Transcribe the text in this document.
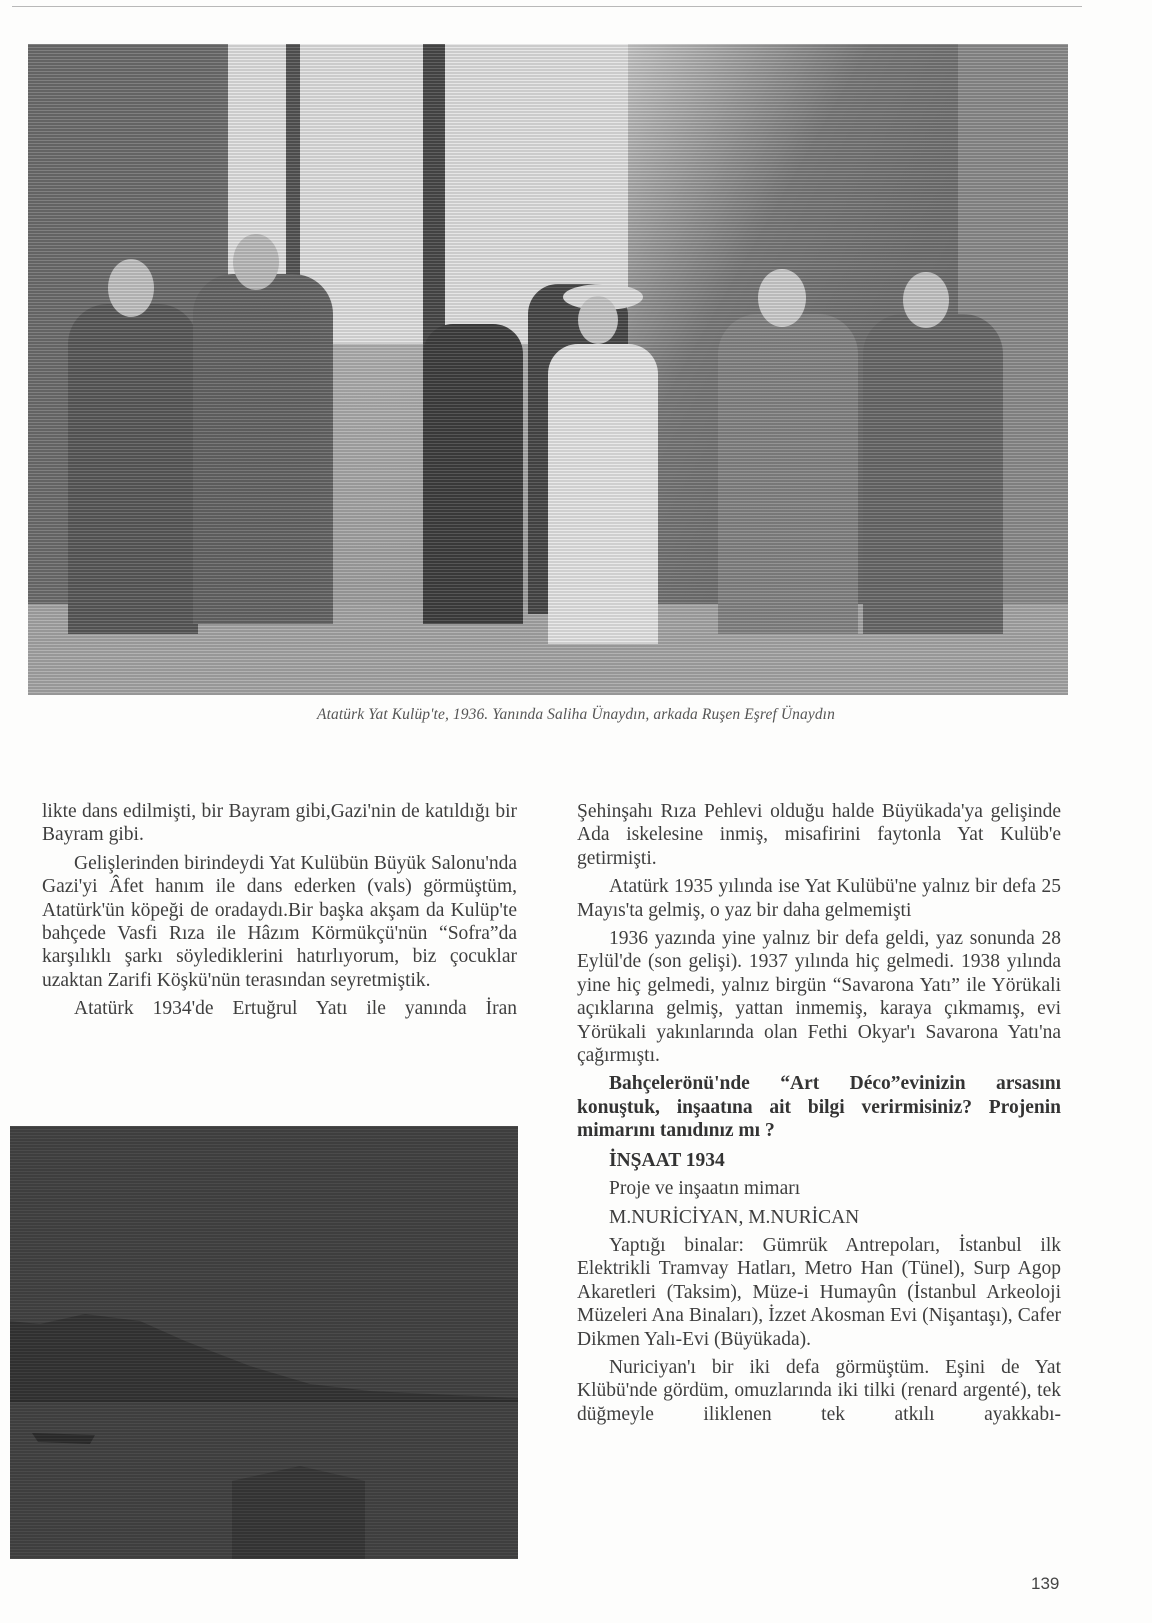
Atatürk Yat Kulüp'te, 1936. Yanında Saliha Ünaydın, arkada Ruşen Eşref Ünaydın

likte dans edilmişti, bir Bayram gibi,Gazi'nin de katıldığı bir Bayram gibi.

Gelişlerinden birindeydi Yat Kulübün Büyük Salonu'nda Gazi'yi Âfet hanım ile dans ederken (vals) görmüştüm, Atatürk'ün köpeği de oradaydı.Bir başka akşam da Kulüp'te bahçede Vasfi Rıza ile Hâzım Körmükçü'nün “Sofra”da karşılıklı şarkı söylediklerini hatırlıyorum, biz çocuklar uzaktan Zarifi Köşkü'nün terasından seyretmiştik.

Atatürk 1934'de Ertuğrul Yatı ile yanında İran

Şehinşahı Rıza Pehlevi olduğu halde Büyükada'ya gelişinde Ada iskelesine inmiş, misafirini faytonla Yat Kulüb'e getirmişti.

Atatürk 1935 yılında ise Yat Kulübü'ne yalnız bir defa 25 Mayıs'ta gelmiş, o yaz bir daha gelmemişti

1936 yazında yine yalnız bir defa geldi, yaz sonunda 28 Eylül'de (son gelişi). 1937 yılında hiç gelmedi. 1938 yılında yine hiç gelmedi, yalnız birgün “Savarona Yatı” ile Yörükali açıklarına gelmiş, yattan inmemiş, karaya çıkmamış, evi Yörükali yakınlarında olan Fethi Okyar'ı Savarona Yatı'na çağırmıştı.

Bahçelerönü'nde “Art Déco”evinizin arsasını konuştuk, inşaatına ait bilgi verirmisiniz? Projenin mimarını tanıdınız mı ?

İNŞAAT 1934

Proje ve inşaatın mimarı

M.NURİCİYAN, M.NURİCAN

Yaptığı binalar: Gümrük Antrepoları, İstanbul ilk Elektrikli Tramvay Hatları, Metro Han (Tünel), Surp Agop Akaretleri (Taksim), Müze-i Humayûn (İstanbul Arkeoloji Müzeleri Ana Binaları), İzzet Akosman Evi (Nişantaşı), Cafer Dikmen Yalı-Evi (Büyükada).

Nuriciyan'ı bir iki defa görmüştüm. Eşini de Yat Klübü'nde gördüm, omuzlarında iki tilki (renard argenté), tek düğmeyle iliklenen tek atkılı ayakkabı-

139
